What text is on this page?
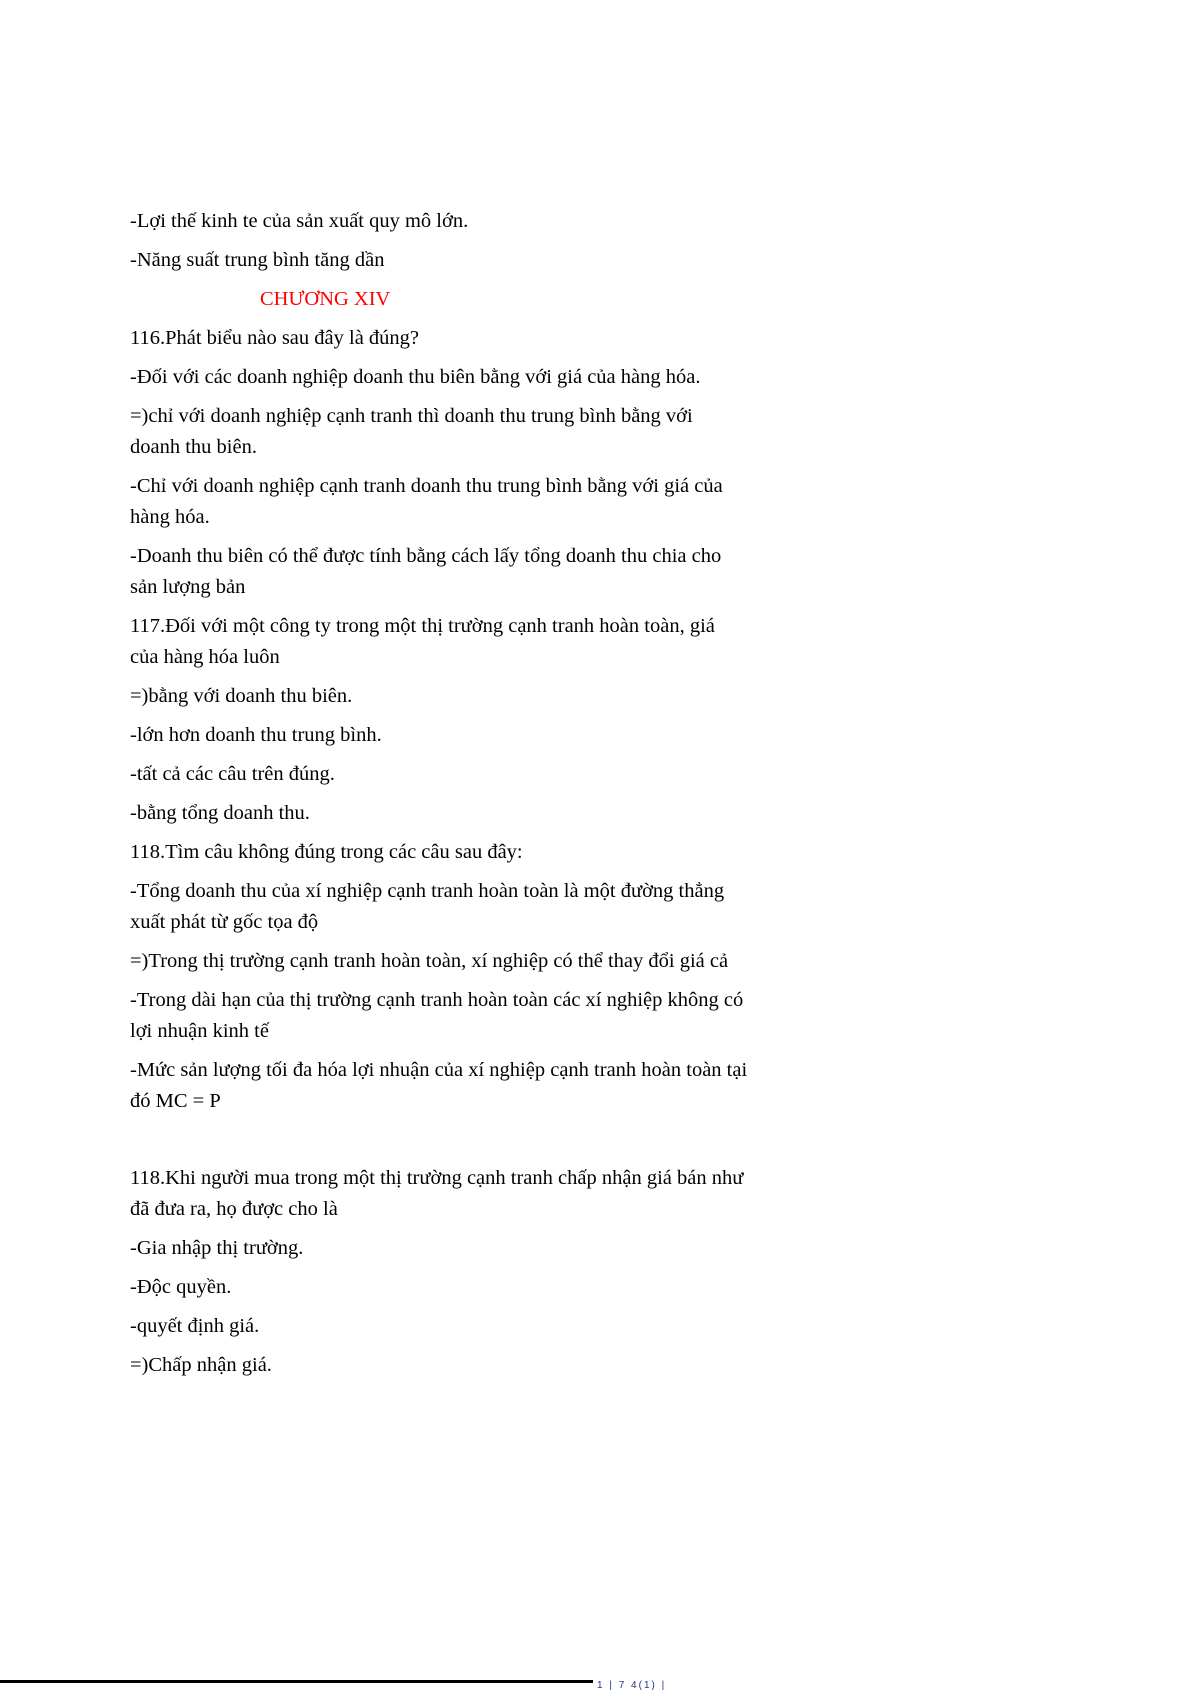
-Lợi thế kinh te của sản xuất quy mô lớn.
-Năng suất trung bình tăng dần
CHƯƠNG XIV
116.Phát biểu nào sau đây là đúng?
-Đối với các doanh nghiệp doanh thu biên bằng với giá của hàng hóa.
=)chỉ với doanh nghiệp cạnh tranh thì doanh thu trung bình bằng với
doanh thu biên.
-Chỉ với doanh nghiệp cạnh tranh doanh thu trung bình bằng với giá của
hàng hóa.
-Doanh thu biên có thể được tính bằng cách lấy tổng doanh thu chia cho
sản lượng bản
117.Đối với một công ty trong một thị trường cạnh tranh hoàn toàn, giá
của hàng hóa luôn
=)bằng với doanh thu biên.
-lớn hơn doanh thu trung bình.
-tất cả các câu trên đúng.
-bằng tổng doanh thu.
118.Tìm câu không đúng trong các câu sau đây:
-Tổng doanh thu của xí nghiệp cạnh tranh hoàn toàn là một đường thẳng
xuất phát từ gốc tọa độ
=)Trong thị trường cạnh tranh hoàn toàn, xí nghiệp có thể thay đổi giá cả
-Trong dài hạn của thị trường cạnh tranh hoàn toàn các xí nghiệp không có
lợi nhuận kinh tế
-Mức sản lượng tối đa hóa lợi nhuận của xí nghiệp cạnh tranh hoàn toàn tại
đó MC = P
118.Khi người mua trong một thị trường cạnh tranh chấp nhận giá bán như
đã đưa ra, họ được cho là
-Gia nhập thị trường.
-Độc quyền.
-quyết định giá.
=)Chấp nhận giá.
1 | 7 4(1) |
